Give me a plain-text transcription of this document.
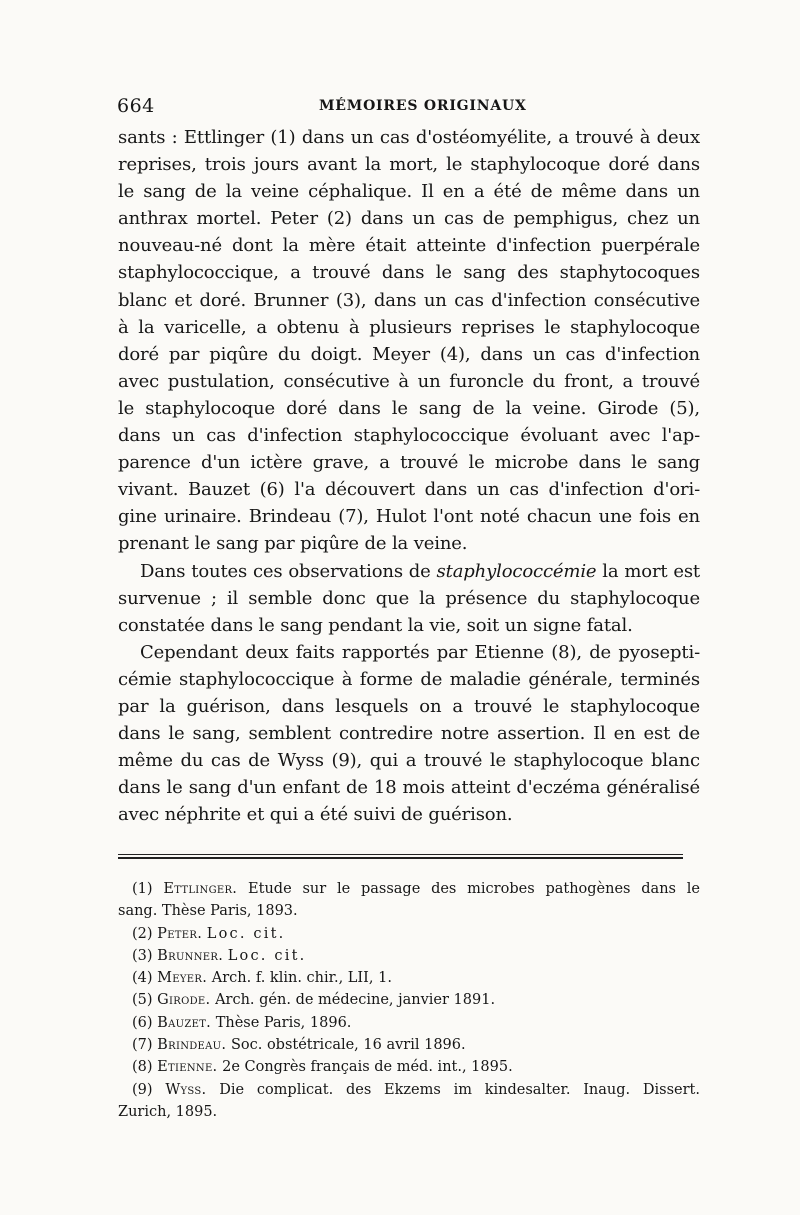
664	MÉMOIRES ORIGINAUX
sants : Ettlinger (1) dans un cas d'ostéomyélite, a trouvé à deux
reprises, trois jours avant la mort, le staphylocoque doré dans
le sang de la veine céphalique. Il en a été de même dans un
anthrax mortel. Peter (2) dans un cas de pemphigus, chez un
nouveau-né dont la mère était atteinte d'infection puerpérale
staphylococcique, a trouvé dans le sang des staphytocoques
blanc et doré. Brunner (3), dans un cas d'infection consécutive
à la varicelle, a obtenu à plusieurs reprises le staphylocoque
doré par piqûre du doigt. Meyer (4), dans un cas d'infection
avec pustulation, consécutive à un furoncle du front, a trouvé
le staphylocoque doré dans le sang de la veine. Girode (5),
dans un cas d'infection staphylococcique évoluant avec l'ap-
parence d'un ictère grave, a trouvé le microbe dans le sang
vivant. Bauzet (6) l'a découvert dans un cas d'infection d'ori-
gine urinaire. Brindeau (7), Hulot l'ont noté chacun une fois en
prenant le sang par piqûre de la veine.
Dans toutes ces observations de staphylococcémie la mort est
survenue ; il semble donc que la présence du staphylocoque
constatée dans le sang pendant la vie, soit un signe fatal.
Cependant deux faits rapportés par Etienne (8), de pyosepti-
cémie staphylococcique à forme de maladie générale, terminés
par la guérison, dans lesquels on a trouvé le staphylocoque
dans le sang, semblent contredire notre assertion. Il en est de
même du cas de Wyss (9), qui a trouvé le staphylocoque blanc
dans le sang d'un enfant de 18 mois atteint d'eczéma généralisé
avec néphrite et qui a été suivi de guérison.
(1) Ettlinger. Etude sur le passage des microbes pathogènes dans le
sang. Thèse Paris, 1893.
(2) Peter. Loc. cit.
(3) Brunner. Loc. cit.
(4) Meyer. Arch. f. klin. chir., LII, 1.
(5) Girode. Arch. gén. de médecine, janvier 1891.
(6) Bauzet. Thèse Paris, 1896.
(7) Brindeau. Soc. obstétricale, 16 avril 1896.
(8) Etienne. 2e Congrès français de méd. int., 1895.
(9) Wyss. Die complicat. des Ekzems im kindesalter. Inaug. Dissert.
Zurich, 1895.
